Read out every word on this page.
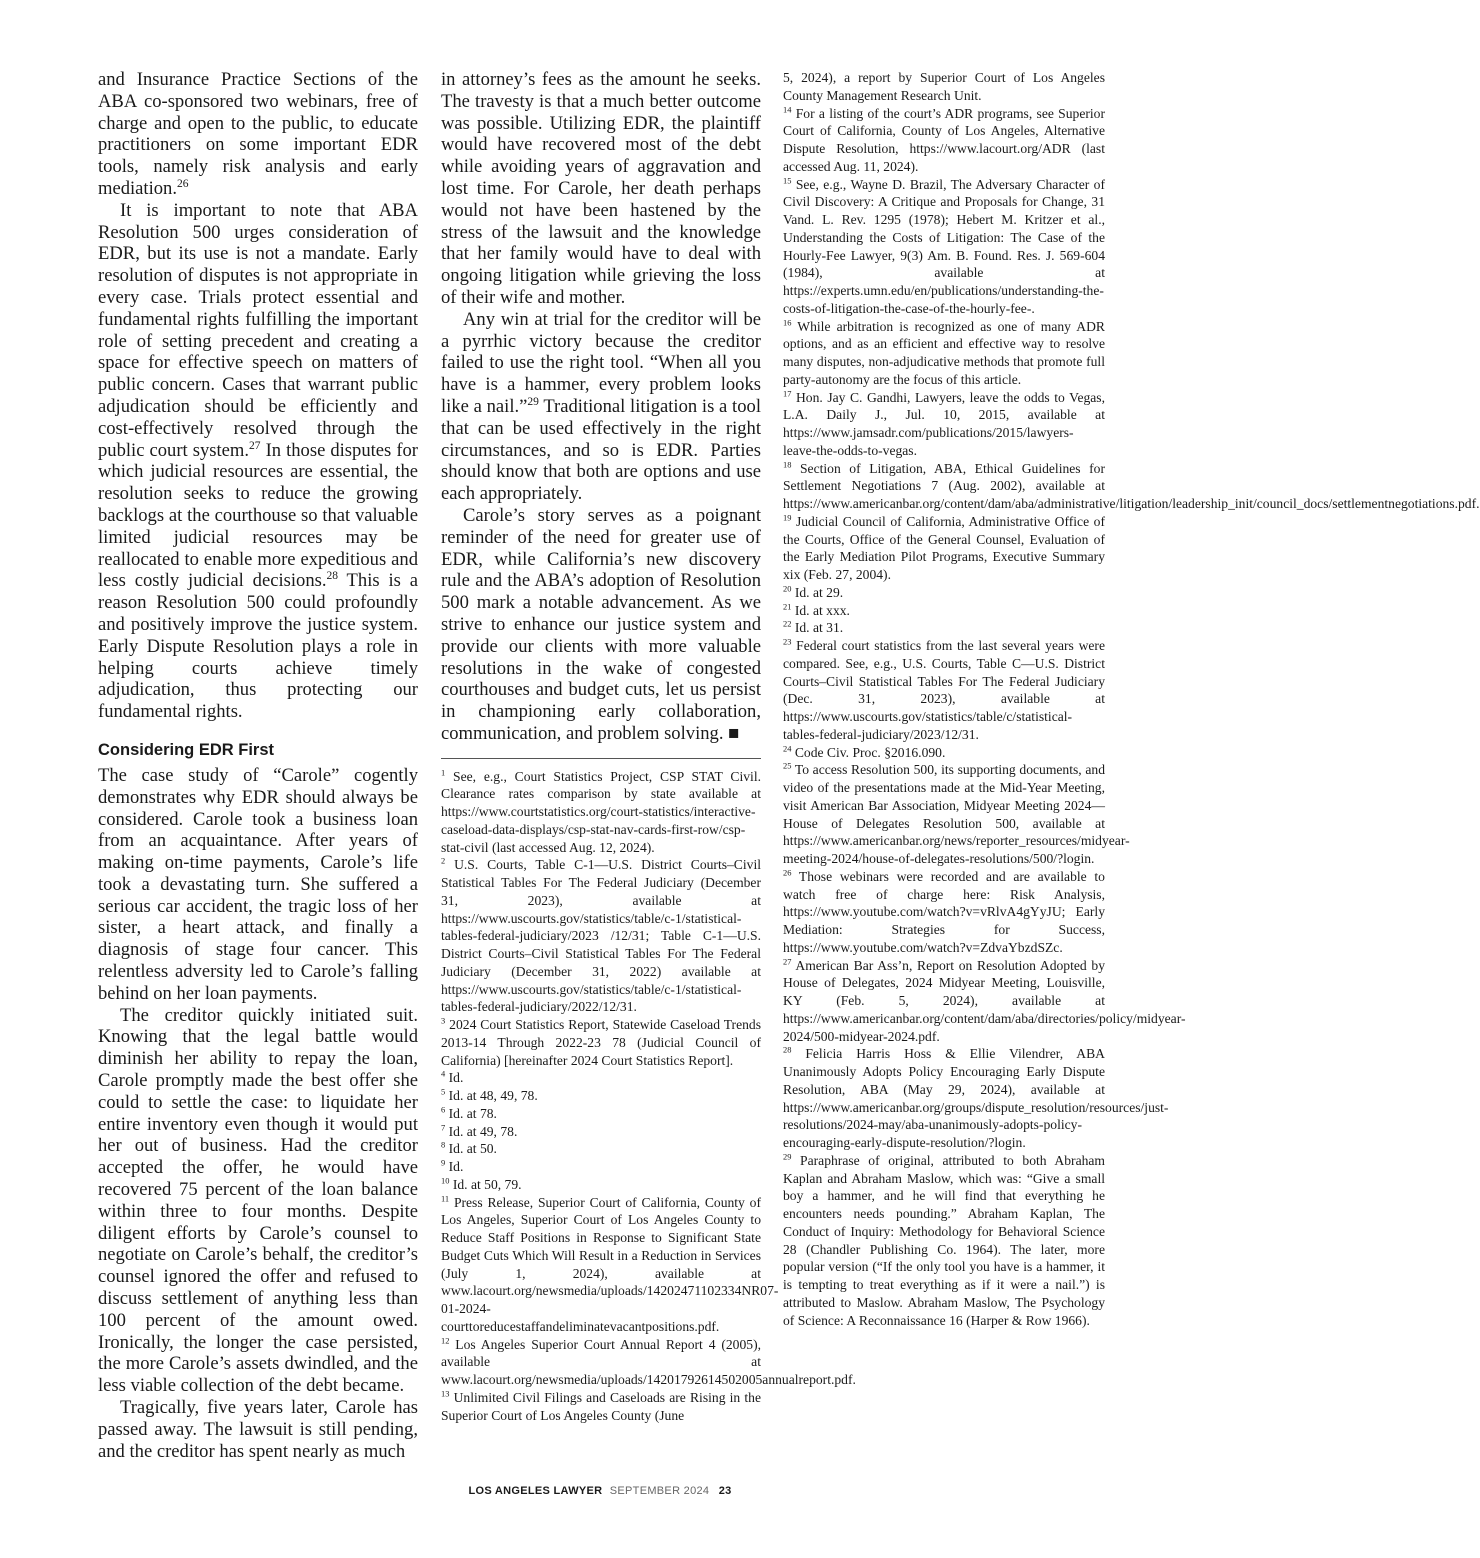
and Insurance Practice Sections of the ABA co-sponsored two webinars, free of charge and open to the public, to educate practitioners on some important EDR tools, namely risk analysis and early mediation.$^{26}$

It is important to note that ABA Resolution 500 urges consideration of EDR, but its use is not a mandate. Early resolution of disputes is not appropriate in every case. Trials protect essential and fundamental rights fulfilling the important role of setting precedent and creating a space for effective speech on matters of public concern. Cases that warrant public adjudication should be efficiently and cost-effectively resolved through the public court system.$^{27}$ In those disputes for which judicial resources are essential, the resolution seeks to reduce the growing backlogs at the courthouse so that valuable limited judicial resources may be reallocated to enable more expeditious and less costly judicial decisions.$^{28}$ This is a reason Resolution 500 could profoundly and positively improve the justice system. Early Dispute Resolution plays a role in helping courts achieve timely adjudication, thus protecting our fundamental rights.

Considering EDR First

The case study of “Carole” cogently demonstrates why EDR should always be considered. Carole took a business loan from an acquaintance. After years of making on-time payments, Carole’s life took a devastating turn. She suffered a serious car accident, the tragic loss of her sister, a heart attack, and finally a diagnosis of stage four cancer. This relentless adversity led to Carole’s falling behind on her loan payments.

The creditor quickly initiated suit. Knowing that the legal battle would diminish her ability to repay the loan, Carole promptly made the best offer she could to settle the case: to liquidate her entire inventory even though it would put her out of business. Had the creditor accepted the offer, he would have recovered 75 percent of the loan balance within three to four months. Despite diligent efforts by Carole’s counsel to negotiate on Carole’s behalf, the creditor’s counsel ignored the offer and refused to discuss settlement of anything less than 100 percent of the amount owed. Ironically, the longer the case persisted, the more Carole’s assets dwindled, and the less viable collection of the debt became.

Tragically, five years later, Carole has passed away. The lawsuit is still pending, and the creditor has spent nearly as much

in attorney’s fees as the amount he seeks. The travesty is that a much better outcome was possible. Utilizing EDR, the plaintiff would have recovered most of the debt while avoiding years of aggravation and lost time. For Carole, her death perhaps would not have been hastened by the stress of the lawsuit and the knowledge that her family would have to deal with ongoing litigation while grieving the loss of their wife and mother.

Any win at trial for the creditor will be a pyrrhic victory because the creditor failed to use the right tool. “When all you have is a hammer, every problem looks like a nail.”$^{29}$ Traditional litigation is a tool that can be used effectively in the right circumstances, and so is EDR. Parties should know that both are options and use each appropriately.

Carole’s story serves as a poignant reminder of the need for greater use of EDR, while California’s new discovery rule and the ABA’s adoption of Resolution 500 mark a notable advancement. As we strive to enhance our justice system and provide our clients with more valuable resolutions in the wake of congested courthouses and budget cuts, let us persist in championing early collaboration, communication, and problem solving. ■

$^1$ See, e.g., Court Statistics Project, CSP STAT Civil. Clearance rates comparison by state available at https://www.courtstatistics.org/court-statistics/interactive-caseload-data-displays/csp-stat-nav-cards-first-row/csp-stat-civil (last accessed Aug. 12, 2024).

$^2$ U.S. Courts, Table C-1—U.S. District Courts–Civil Statistical Tables For The Federal Judiciary (December 31, 2023), available at https://www.uscourts.gov/statistics/table/c-1/statistical-tables-federal-judiciary/2023 /12/31; Table C-1—U.S. District Courts–Civil Statistical Tables For The Federal Judiciary (December 31, 2022) available at https://www.uscourts.gov/statistics/table/c-1/statistical-tables-federal-judiciary/2022/12/31.

$^3$ 2024 Court Statistics Report, Statewide Caseload Trends 2013-14 Through 2022-23 78 (Judicial Council of California) [hereinafter 2024 Court Statistics Report].

$^4$ Id.

$^5$ Id. at 48, 49, 78.

$^6$ Id. at 78.

$^7$ Id. at 49, 78.

$^8$ Id. at 50.

$^9$ Id.

$^{10}$ Id. at 50, 79.

$^{11}$ Press Release, Superior Court of California, County of Los Angeles, Superior Court of Los Angeles County to Reduce Staff Positions in Response to Significant State Budget Cuts Which Will Result in a Reduction in Services (July 1, 2024), available at www.lacourt.org/newsmedia/uploads/14202471102334NR07-01-2024-courttoreducestaffandeliminatevacantpositions.pdf.

$^{12}$ Los Angeles Superior Court Annual Report 4 (2005), available at www.lacourt.org/newsmedia/uploads/14201792614502005annualreport.pdf.

$^{13}$ Unlimited Civil Filings and Caseloads are Rising in the Superior Court of Los Angeles County (June

5, 2024), a report by Superior Court of Los Angeles County Management Research Unit.

$^{14}$ For a listing of the court’s ADR programs, see Superior Court of California, County of Los Angeles, Alternative Dispute Resolution, https://www.lacourt.org/ADR (last accessed Aug. 11, 2024).

$^{15}$ See, e.g., Wayne D. Brazil, The Adversary Character of Civil Discovery: A Critique and Proposals for Change, 31 Vand. L. Rev. 1295 (1978); Hebert M. Kritzer et al., Understanding the Costs of Litigation: The Case of the Hourly-Fee Lawyer, 9(3) Am. B. Found. Res. J. 569-604 (1984), available at https://experts.umn.edu/en/publications/understanding-the-costs-of-litigation-the-case-of-the-hourly-fee-.

$^{16}$ While arbitration is recognized as one of many ADR options, and as an efficient and effective way to resolve many disputes, non-adjudicative methods that promote full party-autonomy are the focus of this article.

$^{17}$ Hon. Jay C. Gandhi, Lawyers, leave the odds to Vegas, L.A. Daily J., Jul. 10, 2015, available at https://www.jamsadr.com/publications/2015/lawyers-leave-the-odds-to-vegas.

$^{18}$ Section of Litigation, ABA, Ethical Guidelines for Settlement Negotiations 7 (Aug. 2002), available at https://www.americanbar.org/content/dam/aba/administrative/litigation/leadership_init/council_docs/settlementnegotiations.pdf.

$^{19}$ Judicial Council of California, Administrative Office of the Courts, Office of the General Counsel, Evaluation of the Early Mediation Pilot Programs, Executive Summary xix (Feb. 27, 2004).

$^{20}$ Id. at 29.

$^{21}$ Id. at xxx.

$^{22}$ Id. at 31.

$^{23}$ Federal court statistics from the last several years were compared. See, e.g., U.S. Courts, Table C—U.S. District Courts–Civil Statistical Tables For The Federal Judiciary (Dec. 31, 2023), available at https://www.uscourts.gov/statistics/table/c/statistical-tables-federal-judiciary/2023/12/31.

$^{24}$ Code Civ. Proc. §2016.090.

$^{25}$ To access Resolution 500, its supporting documents, and video of the presentations made at the Mid-Year Meeting, visit American Bar Association, Midyear Meeting 2024—House of Delegates Resolution 500, available at https://www.americanbar.org/news/reporter_resources/midyear-meeting-2024/house-of-delegates-resolutions/500/?login.

$^{26}$ Those webinars were recorded and are available to watch free of charge here: Risk Analysis, https://www.youtube.com/watch?v=vRlvA4gYyJU; Early Mediation: Strategies for Success, https://www.youtube.com/watch?v=ZdvaYbzdSZc.

$^{27}$ American Bar Ass’n, Report on Resolution Adopted by House of Delegates, 2024 Midyear Meeting, Louisville, KY (Feb. 5, 2024), available at https://www.americanbar.org/content/dam/aba/directories/policy/midyear-2024/500-midyear-2024.pdf.

$^{28}$ Felicia Harris Hoss & Ellie Vilendrer, ABA Unanimously Adopts Policy Encouraging Early Dispute Resolution, ABA (May 29, 2024), available at https://www.americanbar.org/groups/dispute_resolution/resources/just-resolutions/2024-may/aba-unanimously-adopts-policy-encouraging-early-dispute-resolution/?login.

$^{29}$ Paraphrase of original, attributed to both Abraham Kaplan and Abraham Maslow, which was: “Give a small boy a hammer, and he will find that everything he encounters needs pounding.” Abraham Kaplan, The Conduct of Inquiry: Methodology for Behavioral Science 28 (Chandler Publishing Co. 1964). The later, more popular version (“If the only tool you have is a hammer, it is tempting to treat everything as if it were a nail.”) is attributed to Maslow. Abraham Maslow, The Psychology of Science: A Reconnaissance 16 (Harper & Row 1966).

LOS ANGELES LAWYER SEPTEMBER 2024 23
